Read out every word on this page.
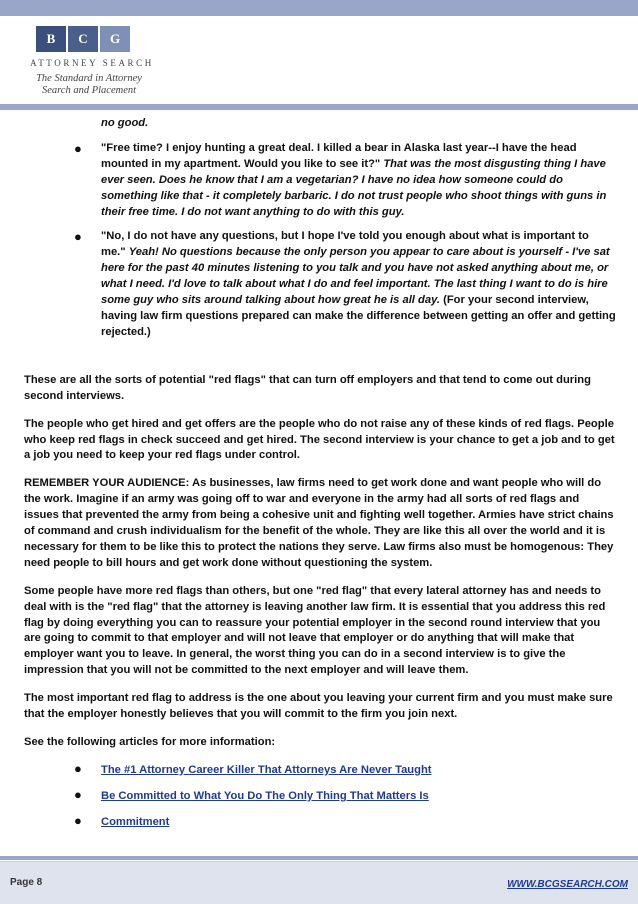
B	C	G
ATTORNEY SEARCH
The Standard in Attorney
Search and Placement

no good.

● "Free time? I enjoy hunting a great deal. I killed a bear in Alaska last year--I have the head mounted in my apartment. Would you like to see it?" That was the most disgusting thing I have ever seen. Does he know that I am a vegetarian? I have no idea how someone could do something like that - it completely barbaric. I do not trust people who shoot things with guns in their free time. I do not want anything to do with this guy.
● "No, I do not have any questions, but I hope I've told you enough about what is important to me." Yeah! No questions because the only person you appear to care about is yourself - I've sat here for the past 40 minutes listening to you talk and you have not asked anything about me, or what I need. I'd love to talk about what I do and feel important. The last thing I want to do is hire some guy who sits around talking about how great he is all day. (For your second interview, having law firm questions prepared can make the difference between getting an offer and getting rejected.)

These are all the sorts of potential "red flags" that can turn off employers and that tend to come out during second interviews.

The people who get hired and get offers are the people who do not raise any of these kinds of red flags. People who keep red flags in check succeed and get hired. The second interview is your chance to get a job and to get a job you need to keep your red flags under control.

REMEMBER YOUR AUDIENCE: As businesses, law firms need to get work done and want people who will do the work. Imagine if an army was going off to war and everyone in the army had all sorts of red flags and issues that prevented the army from being a cohesive unit and fighting well together. Armies have strict chains of command and crush individualism for the benefit of the whole. They are like this all over the world and it is necessary for them to be like this to protect the nations they serve. Law firms also must be homogenous: They need people to bill hours and get work done without questioning the system.

Some people have more red flags than others, but one "red flag" that every lateral attorney has and needs to deal with is the "red flag" that the attorney is leaving another law firm. It is essential that you address this red flag by doing everything you can to reassure your potential employer in the second round interview that you are going to commit to that employer and will not leave that employer or do anything that will make that employer want you to leave. In general, the worst thing you can do in a second interview is to give the impression that you will not be committed to the next employer and will leave them.

The most important red flag to address is the one about you leaving your current firm and you must make sure that the employer honestly believes that you will commit to the firm you join next.

See the following articles for more information:

● The #1 Attorney Career Killer That Attorneys Are Never Taught
● Be Committed to What You Do The Only Thing That Matters Is
● Commitment
Page 8	WWW.BCGSEARCH.COM
